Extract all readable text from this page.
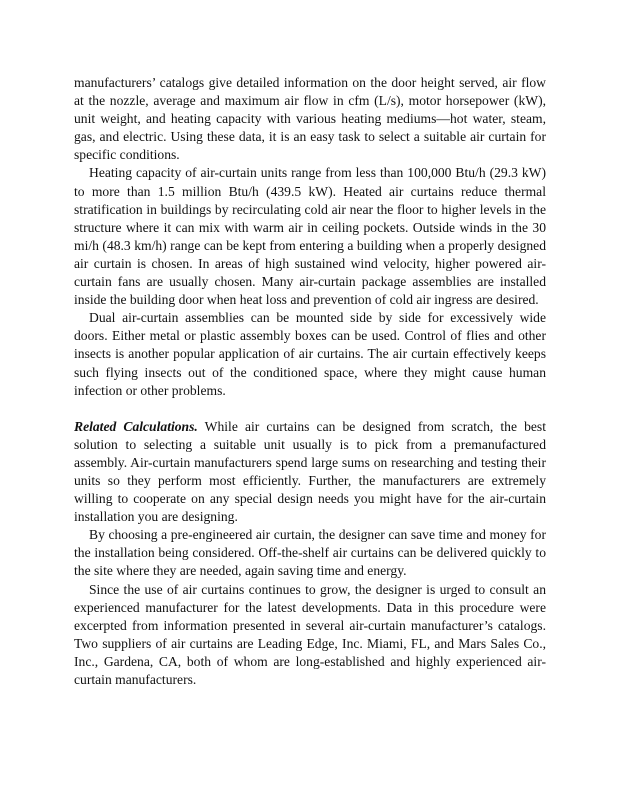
manufacturers’ catalogs give detailed information on the door height served, air flow at the nozzle, average and maximum air flow in cfm (L/s), motor horsepower (kW), unit weight, and heating capacity with various heating mediums—hot water, steam, gas, and electric. Using these data, it is an easy task to select a suitable air curtain for specific conditions.

Heating capacity of air-curtain units range from less than 100,000 Btu/h (29.3 kW) to more than 1.5 million Btu/h (439.5 kW). Heated air curtains reduce thermal stratification in buildings by recirculating cold air near the floor to higher levels in the structure where it can mix with warm air in ceiling pockets. Outside winds in the 30 mi/h (48.3 km/h) range can be kept from entering a building when a properly designed air curtain is chosen. In areas of high sustained wind velocity, higher powered air-curtain fans are usually chosen. Many air-curtain package assemblies are installed inside the building door when heat loss and prevention of cold air ingress are desired.

Dual air-curtain assemblies can be mounted side by side for excessively wide doors. Either metal or plastic assembly boxes can be used. Control of flies and other insects is another popular application of air curtains. The air curtain effectively keeps such flying insects out of the conditioned space, where they might cause human infection or other problems.

Related Calculations. While air curtains can be designed from scratch, the best solution to selecting a suitable unit usually is to pick from a premanufactured assembly. Air-curtain manufacturers spend large sums on researching and testing their units so they perform most efficiently. Further, the manufacturers are extremely willing to cooperate on any special design needs you might have for the air-curtain installation you are designing.

By choosing a pre-engineered air curtain, the designer can save time and money for the installation being considered. Off-the-shelf air curtains can be delivered quickly to the site where they are needed, again saving time and energy.

Since the use of air curtains continues to grow, the designer is urged to consult an experienced manufacturer for the latest developments. Data in this procedure were excerpted from information presented in several air-curtain manufacturer’s catalogs. Two suppliers of air curtains are Leading Edge, Inc. Miami, FL, and Mars Sales Co., Inc., Gardena, CA, both of whom are long-established and highly experienced air-curtain manufacturers.
